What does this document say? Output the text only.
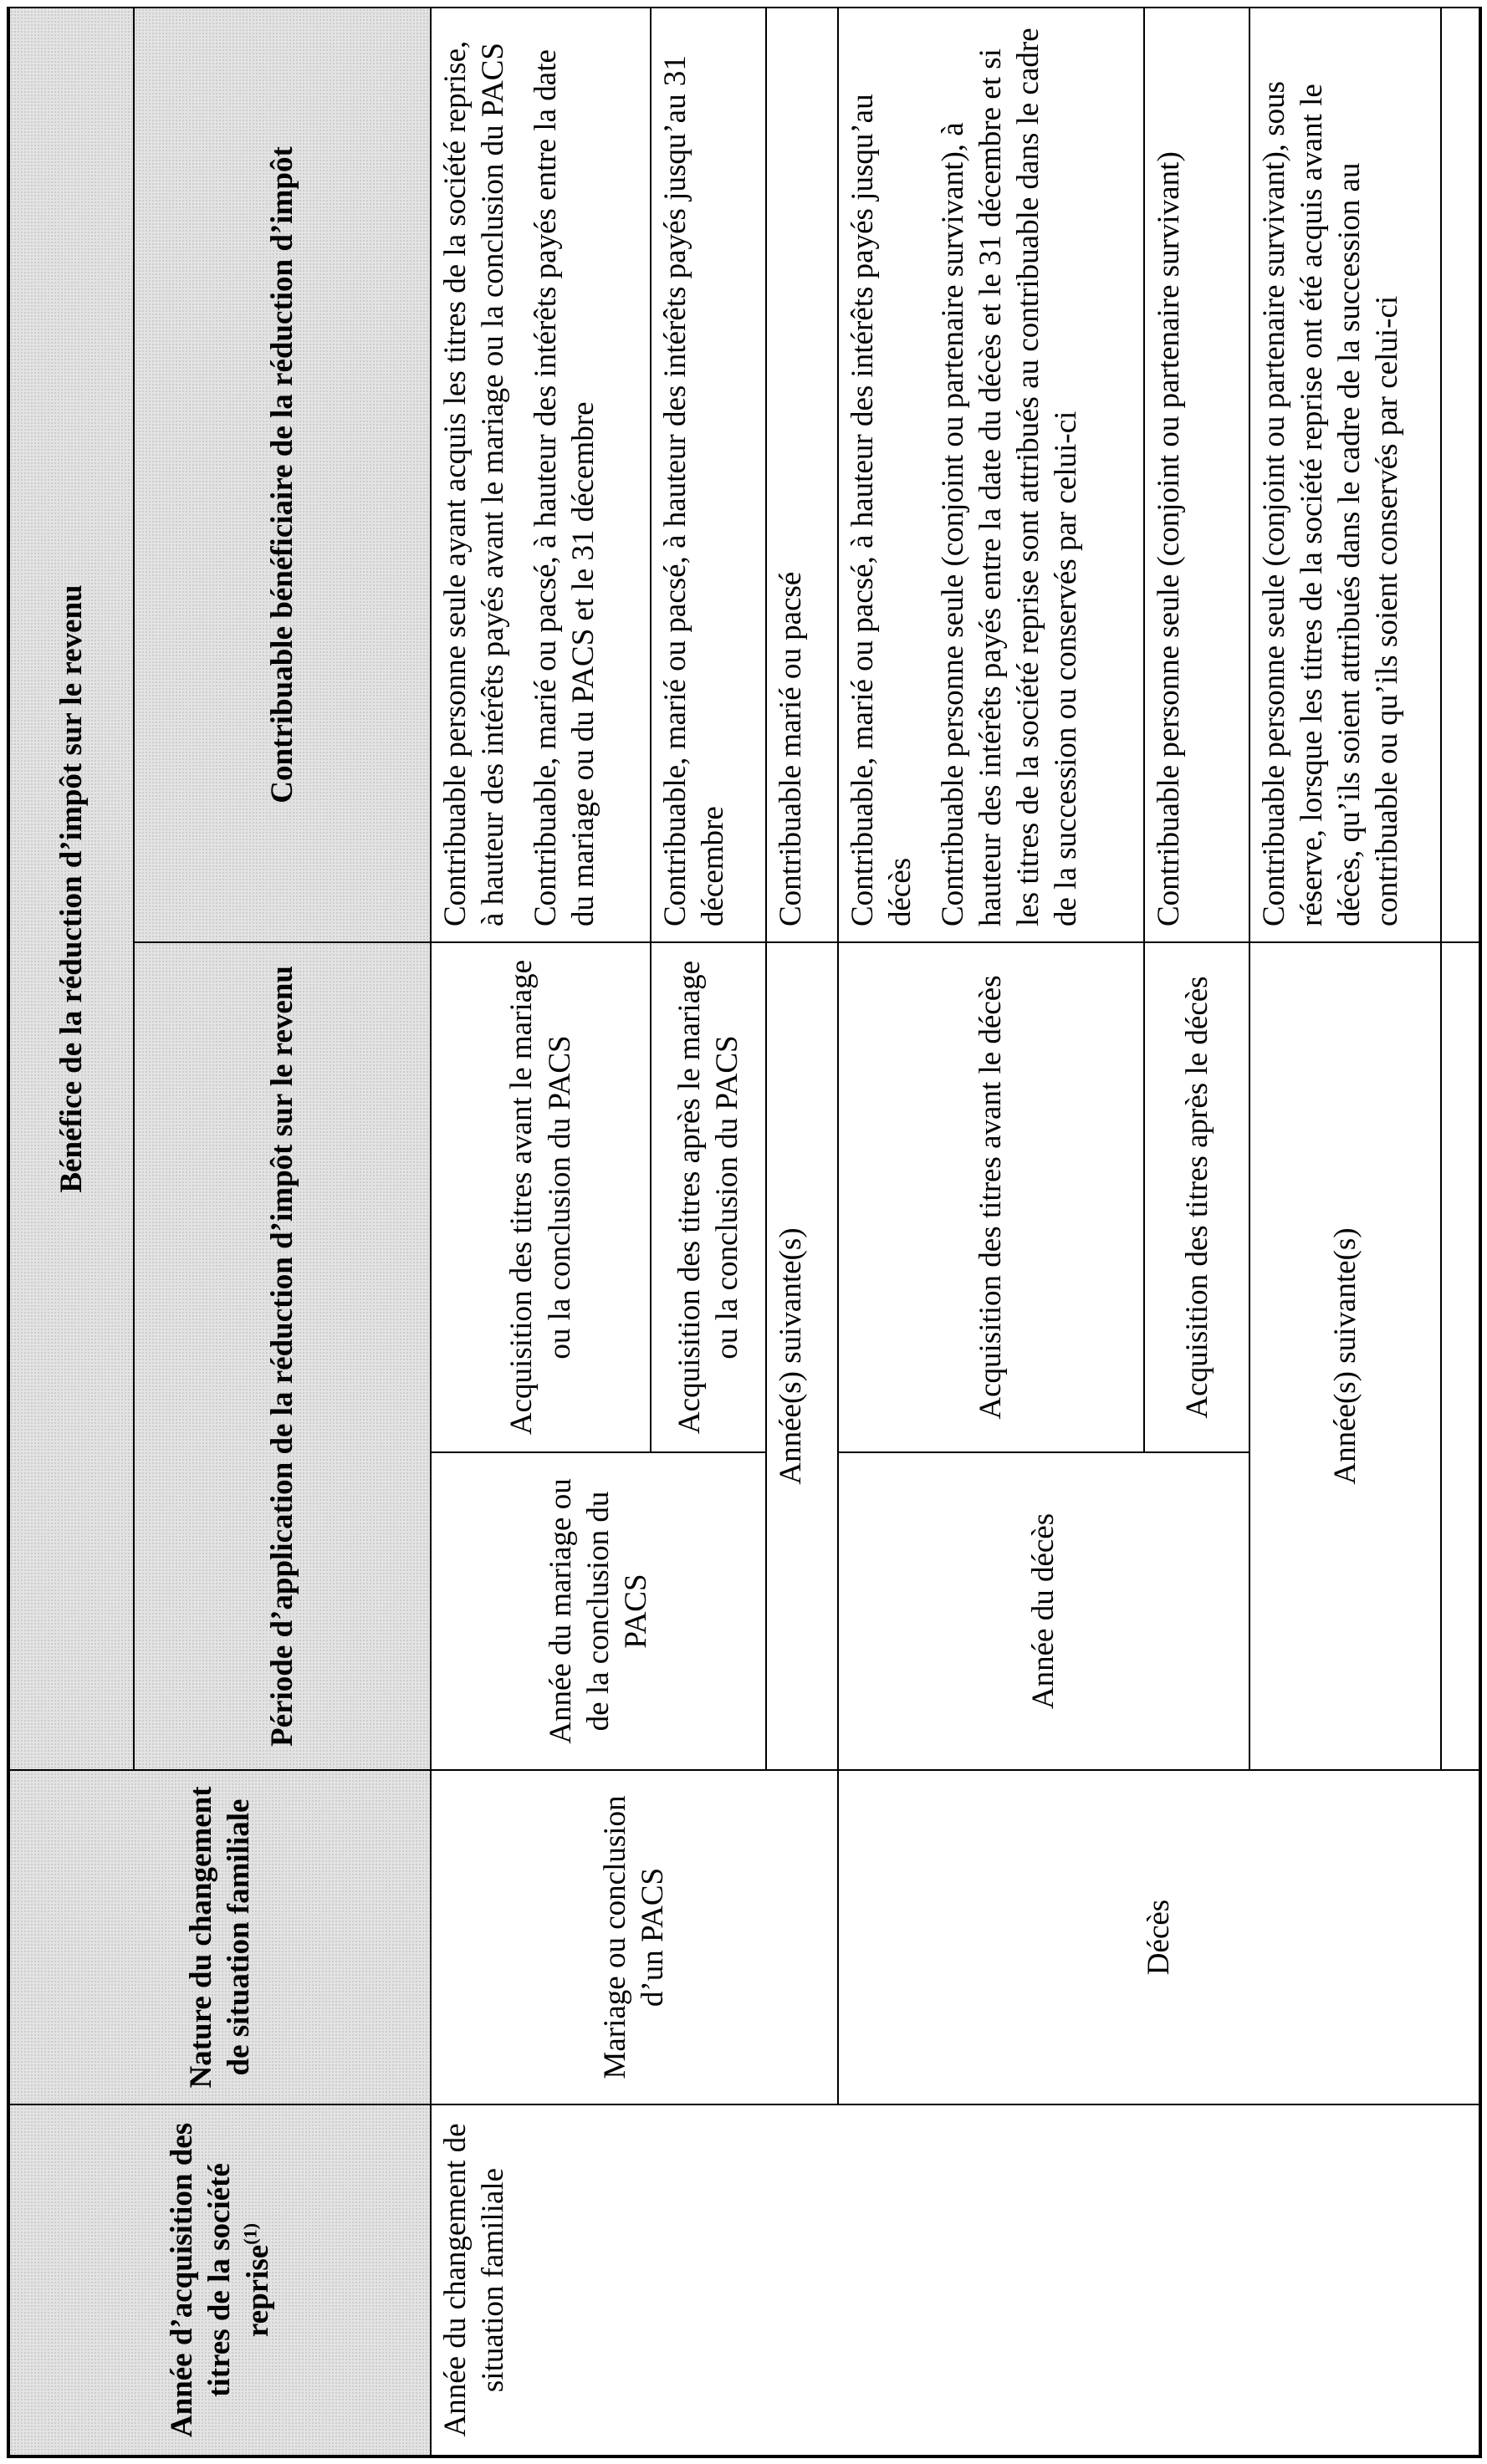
Année d’acquisition des titres de la société reprise$^{(1)}$	Nature du changement de situation familiale	Bénéfice de la réduction d’impôt sur le revenu		
		Période d’application de la réduction d’impôt sur le revenu		Contribuable bénéficiaire de la réduction d’impôt
Année du changement de situation familiale	Mariage ou conclusion d’un PACS	Année du mariage ou de la conclusion du PACS	Acquisition des titres avant le mariage ou la conclusion du PACS	Contribuable personne seule ayant acquis les titres de la société reprise, à hauteur des intérêts payés avant le mariage ou la conclusion du PACS Contribuable, marié ou pacsé, à hauteur des intérêts payés entre la date du mariage ou du PACS et le 31 décembre

			Acquisition des titres après le mariage ou la conclusion du PACS	Contribuable, marié ou pacsé, à hauteur des intérêts payés jusqu’au 31 décembre
		Année(s) suivante(s)		Contribuable marié ou pacsé
	Décès	Année du décès	Acquisition des titres avant le décès	Contribuable, marié ou pacsé, à hauteur des intérêts payés jusqu’au décès Contribuable personne seule (conjoint ou partenaire survivant), à hauteur des intérêts payés entre la date du décès et le 31 décembre et si les titres de la société reprise sont attribués au contribuable dans le cadre de la succession ou conservés par celui-ci

			Acquisition des titres après le décès	Contribuable personne seule (conjoint ou partenaire survivant)
		Année(s) suivante(s)		Contribuable personne seule (conjoint ou partenaire survivant), sous réserve, lorsque les titres de la société reprise ont été acquis avant le décès, qu’ils soient attribués dans le cadre de la succession au contribuable ou qu’ils soient conservés par celui-ci
